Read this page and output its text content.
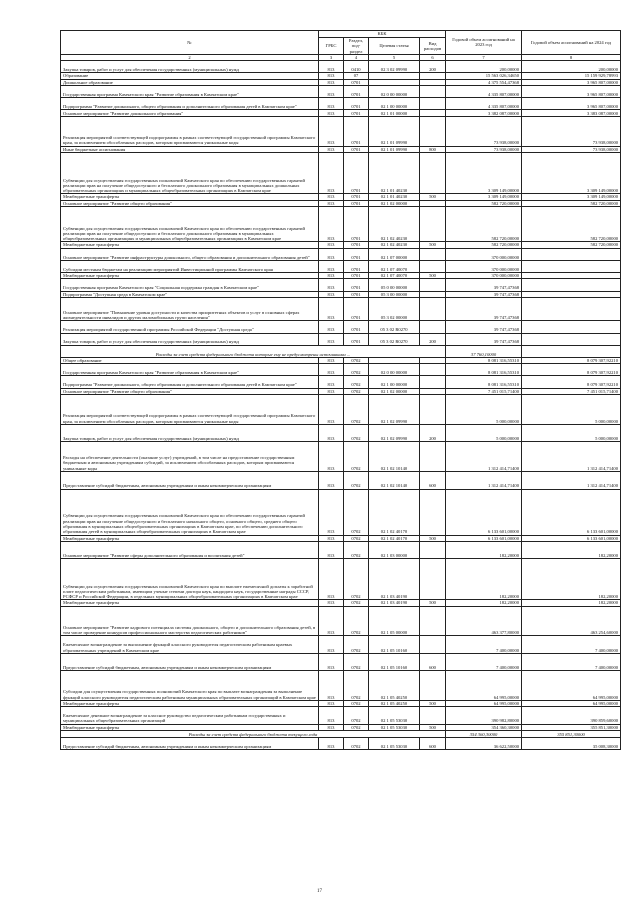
№	КБК				Годовой объем ассигнований на 2023 год	Годовой объем ассигнований на 2024 год
	ГРБС	Раздел, под-раздел	Целевая статья	Вид расходов		
2	3	4	5	6	7	8
Закупка товаров, работ и услуг для обеспечения государственных (муниципальных) нужд	813	0410	02 3 02 09990	200	200,00000	200,00000
Образование	813	07			15 563 026,34650	15 159 929,78993
Дошкольное образование	813	0701			4 375 554,47368	3 965 807,00000
Государственная программа Камчатского края "Развитие образования в Камчатском крае"	813	0701	02 0 00 00000		4 335 807,00000	3 965 807,00000
Подпрограмма "Развитие дошкольного, общего образования и дополнительного образования детей в Камчатском крае"	813	0701	02 1 00 00000		4 335 807,00000	3 965 807,00000
Основное мероприятие "Развитие дошкольного образования"	813	0701	02 1 01 00000		3 382 087,00000	3 383 087,00000
Реализация мероприятий соответствующей подпрограммы в рамках соответствующей государственной программы Камчатского края, за исключением обособленных расходов, которым присваиваются уникальные коды	813	0701	02 1 01 09990		73 938,00000	73 938,00000
Иные бюджетные ассигнования	813	0701	02 1 01 09990	800	73 938,00000	73 938,00000
Субвенции для осуществления государственных полномочий Камчатского края по обеспечению государственных гарантий реализации прав на получение общедоступного и бесплатного дошкольного образования в муниципальных дошкольных образовательных организациях и муниципальных общеобразовательных организациях в Камчатском крае	813	0701	02 1 01 40230		3 309 149,00000	3 309 149,00000
Межбюджетные трансферты	813	0701	02 1 01 40230	500	3 309 149,00000	3 309 149,00000
Основное мероприятие "Развитие общего образования"	813	0701	02 1 02 00000		582 720,00000	582 720,00000
Субвенции для осуществления государственных полномочий Камчатского края по обеспечению государственных гарантий реализации прав на получение общедоступного и бесплатного дошкольного образования в муниципальных общеобразовательных организациях и муниципальных общеобразовательных организациях в Камчатском крае	813	0701	02 1 02 40230		582 720,00000	582 720,00000
Межбюджетные трансферты	813	0701	02 1 02 40230	500	582 720,00000	582 720,00000
Основное мероприятие "Развитие инфраструктуры дошкольного, общего образования и дополнительного образования детей"	813	0701	02 1 07 00000		370 000,00000	
Субсидии местным бюджетам на реализацию мероприятий Инвестиционной программы Камчатского края	813	0701	02 1 07 40070		370 000,00000	
Межбюджетные трансферты	813	0701	02 1 07 40070	500	370 000,00000	
Государственная программа Камчатского края "Социальная поддержка граждан в Камчатском крае"	813	0701	05 0 00 00000		39 747,47368	
Подпрограмма "Доступная среда в Камчатском крае"	813	0701	05 3 00 00000		39 747,47368	
Основное мероприятие "Повышение уровня доступности и качества приоритетных объектов и услуг в основных сферах жизнедеятельности инвалидов и других маломобильных групп населения"	813	0701	05 3 02 00000		39 747,47368	
Реализация мероприятий государственной программы Российской Федерации "Доступная среда"	813	0701	05 3 02 R0270		39 747,47368	
Закупка товаров, работ и услуг для обеспечения государственных (муниципальных) нужд	813	0701	05 3 02 R0270	200	39 747,47368	
Расходы за счет средств федерального бюджета которые ему не предусмотрены источниками ...					37 760,10000	
Общее образование	813	0702			8 081 316,55310	8 079 307,92210
Государственная программа Камчатского края "Развитие образования в Камчатском крае"	813	0702	02 0 00 00000		8 081 316,55310	8 079 307,92210
Подпрограмма "Развитие дошкольного, общего образования и дополнительного образования детей в Камчатском крае"	813	0702	02 1 00 00000		8 081 316,55310	8 079 307,92210
Основное мероприятие "Развитие общего образования"	813	0702	02 1 02 00000		7 451 015,71400	7 451 015,71400
Реализация мероприятий соответствующей подпрограммы в рамках соответствующей государственной программы Камчатского края, за исключением обособленных расходов, которым присваиваются уникальные коды	813	0702	02 1 02 09990		5 000,00000	5 000,00000
Закупка товаров, работ и услуг для обеспечения государственных (муниципальных) нужд	813	0702	02 1 02 09990	200	5 000,00000	5 000,00000
Расходы на обеспечение деятельности (оказание услуг) учреждений, в том числе на предоставление государственным бюджетным и автономным учреждениям субсидий, за исключением обособленных расходов, которым присваиваются уникальные коды	813	0702	02 1 02 10140		1 312 414,71400	1 312 414,71400
Предоставление субсидий бюджетным, автономным учреждениям и иным некоммерческим организациям	813	0702	02 1 02 10140	600	1 312 414,71400	1 312 414,71400
Субвенции для осуществления государственных полномочий Камчатского края по обеспечению государственных гарантий реализации прав на получение общедоступного и бесплатного начального общего, основного общего, среднего общего образования в муниципальных общеобразовательных организациях в Камчатском крае, по обеспечению дополнительного образования детей в муниципальных общеобразовательных организациях в Камчатском крае	813	0702	02 1 02 40170		6 133 601,00000	6 133 601,00000
Межбюджетные трансферты	813	0702	02 1 02 40170	500	6 133 601,00000	6 133 601,00000
Основное мероприятие "Развитие сферы дополнительного образования и воспитания детей"	813	0702	02 1 03 00000		182,20000	182,20000
Субвенции для осуществления государственных полномочий Камчатского края по выплате ежемесячной доплаты к заработной плате педагогическим работникам, имеющим ученые степени доктора наук, кандидата наук, государственные награды СССР, РСФСР и Российской Федерации, в отдельных муниципальных общеобразовательных организациях в Камчатском крае	813	0702	02 1 03 40190		182,20000	182,20000
Межбюджетные трансферты	813	0702	02 1 03 40190	500	182,20000	182,20000
Основное мероприятие "Развитие кадрового потенциала системы дошкольного, общего и дополнительного образования детей, в том числе проведение конкурсов профессионального мастерства педагогических работников"	813	0702	02 1 05 00000		463 377,80000	463 254,60000
Ежемесячное вознаграждение за выполнение функций классного руководителя педагогическим работникам краевых образовательных учреждений в Камчатском крае	813	0702	02 1 05 10160		7 400,00000	7 400,00000
Предоставление субсидий бюджетным, автономным учреждениям и иным некоммерческим организациям	813	0702	02 1 05 10160	600	7 400,00000	7 400,00000
Субсидии для осуществления государственных полномочий Камчатского края по выплате вознаграждения за выполнение функций классного руководителя педагогическим работникам муниципальных образовательных организаций в Камчатском крае	813	0702	02 1 05 40250		64 995,00000	64 995,00000
Межбюджетные трансферты	813	0702	02 1 05 40250	500	64 995,00000	64 995,00000
Ежемесячное денежное вознаграждение за классное руководство педагогическим работникам государственных и муниципальных общеобразовательных организаций	813	0702	02 1 05 53030		390 982,80000	390 859,60000
Межбюджетные трансферты	813	0702	02 1 05 53030	500	354 360,30000	355 851,30000
Расходы за счет средств федерального бюджета текущего года					354 360,30000	355 851,30000
Предоставление субсидий бюджетным, автономным учреждениям и иным некоммерческим организациям	813	0702	02 1 05 53030	600	36 622,50000	35 008,30000
17
